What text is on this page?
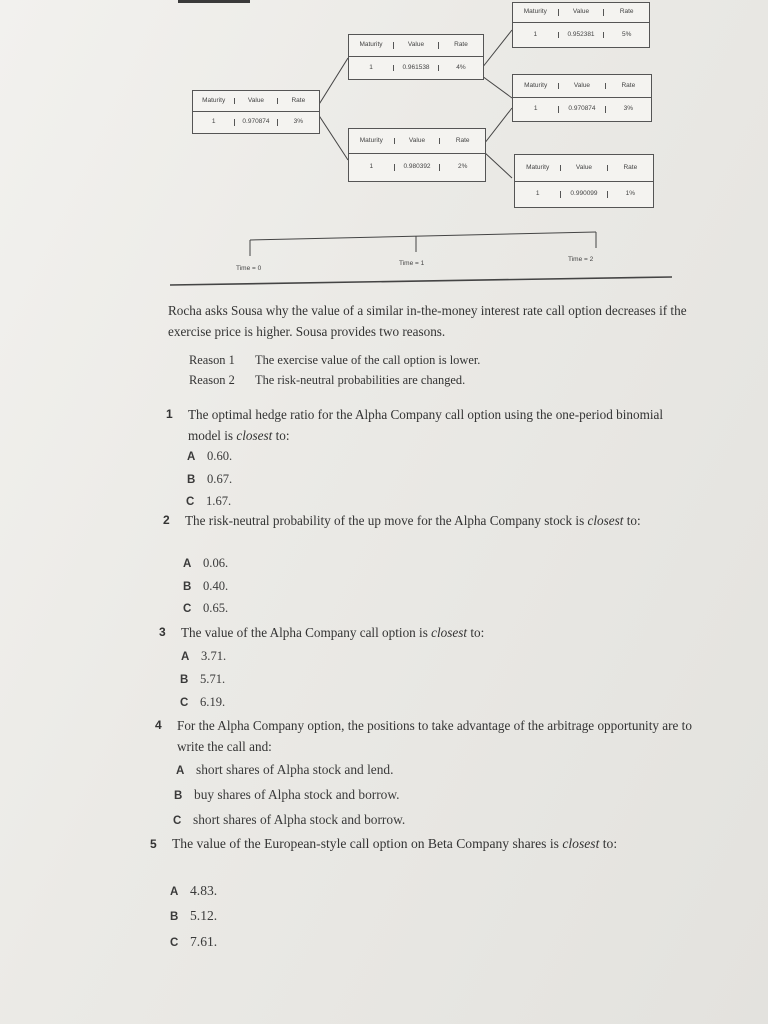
Maturity	Value	Rate
1	0.970874	3%
Maturity	Value	Rate
1	0.961538	4%
Maturity	Value	Rate
1	0.980392	2%
Maturity	Value	Rate
1	0.952381	5%
Maturity	Value	Rate
1	0.970874	3%
Maturity	Value	Rate
1	0.990099	1%
Time = 0
Time = 1
Time = 2
Rocha asks Sousa why the value of a similar in-the-money interest rate call option decreases if the exercise price is higher. Sousa provides two reasons.
Reason 1 The exercise value of the call option is lower.
Reason 2 The risk-neutral probabilities are changed.
1 The optimal hedge ratio for the Alpha Company call option using the one-period binomial model is closest to:
A 0.60.
B 0.67.
C 1.67.
2 The risk-neutral probability of the up move for the Alpha Company stock is closest to:
A 0.06.
B 0.40.
C 0.65.
3 The value of the Alpha Company call option is closest to:
A 3.71.
B 5.71.
C 6.19.
4 For the Alpha Company option, the positions to take advantage of the arbitrage opportunity are to write the call and:
A short shares of Alpha stock and lend.
B buy shares of Alpha stock and borrow.
C short shares of Alpha stock and borrow.
5 The value of the European-style call option on Beta Company shares is closest to:
A 4.83.
B 5.12.
C 7.61.
